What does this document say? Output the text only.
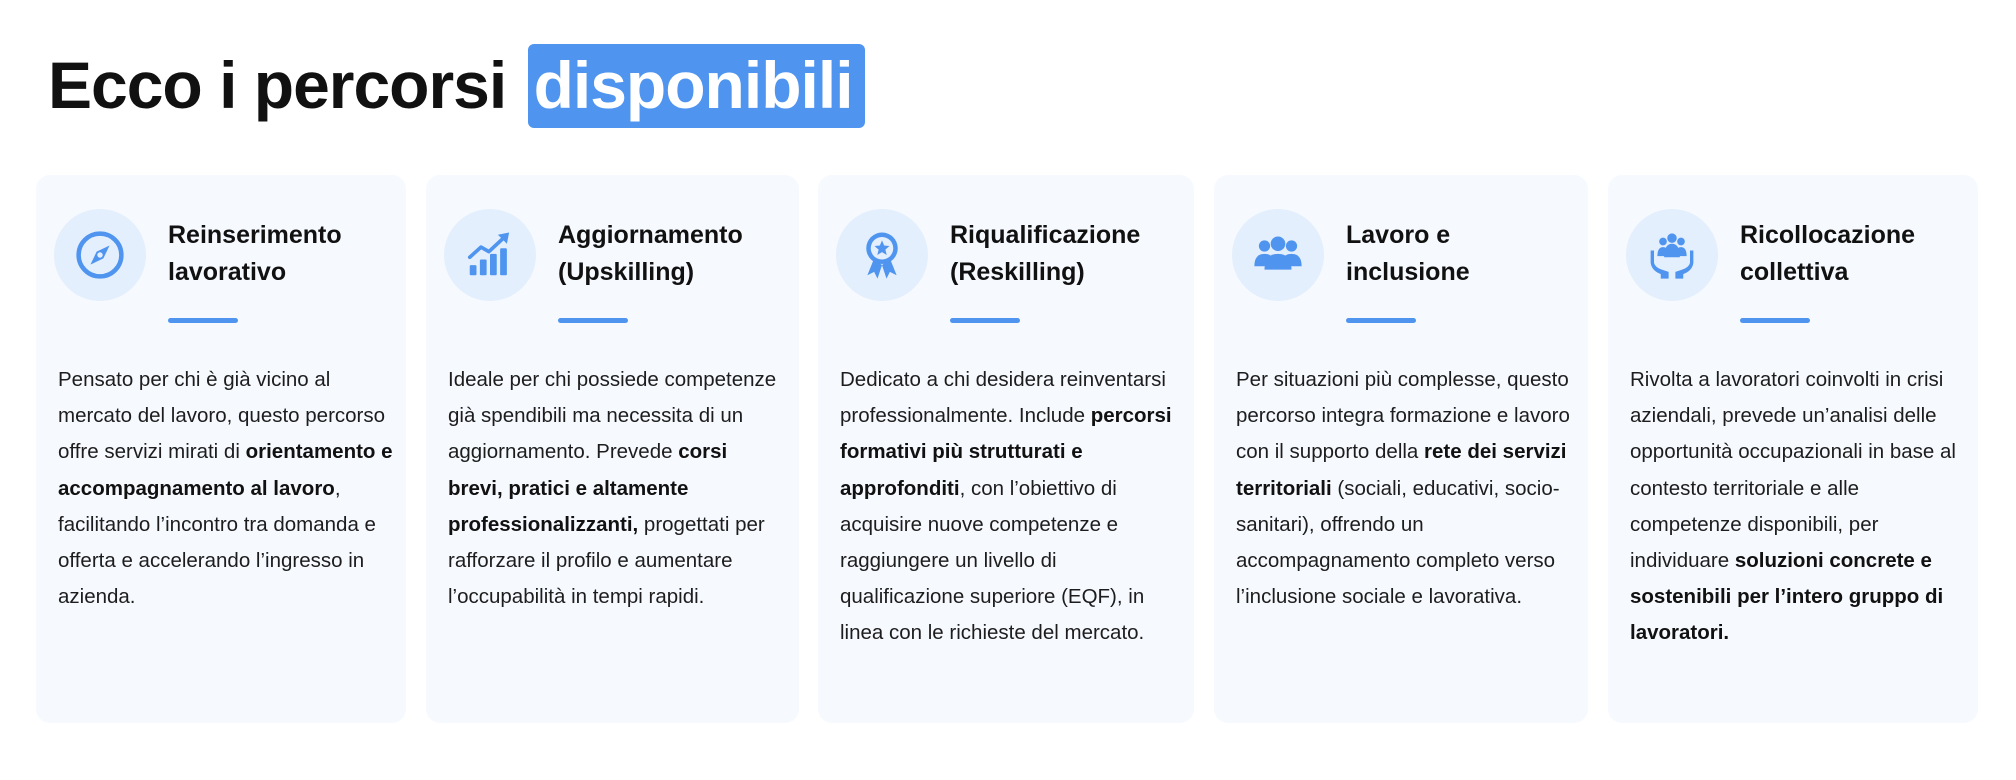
Ecco i percorsi disponibili
Reinserimento lavorativo

Pensato per chi è già vicino al mercato del lavoro, questo percorso offre servizi mirati di orientamento e accompagnamento al lavoro, facilitando l’incontro tra domanda e offerta e accelerando l’ingresso in azienda.

Aggiornamento (Upskilling)

Ideale per chi possiede competenze già spendibili ma necessita di un aggiornamento. Prevede corsi brevi, pratici e altamente professionalizzanti, progettati per rafforzare il profilo e aumentare l’occupabilità in tempi rapidi.

Riqualificazione (Reskilling)

Dedicato a chi desidera reinventarsi professionalmente. Include percorsi formativi più strutturati e approfonditi, con l’obiettivo di acquisire nuove competenze e raggiungere un livello di qualificazione superiore (EQF), in linea con le richieste del mercato.

Lavoro e inclusione

Per situazioni più complesse, questo percorso integra formazione e lavoro con il supporto della rete dei servizi territoriali (sociali, educativi, socio-sanitari), offrendo un accompagnamento completo verso l’inclusione sociale e lavorativa.

Ricollocazione collettiva

Rivolta a lavoratori coinvolti in crisi aziendali, prevede un’analisi delle opportunità occupazionali in base al contesto territoriale e alle competenze disponibili, per individuare soluzioni concrete e sostenibili per l’intero gruppo di lavoratori.
